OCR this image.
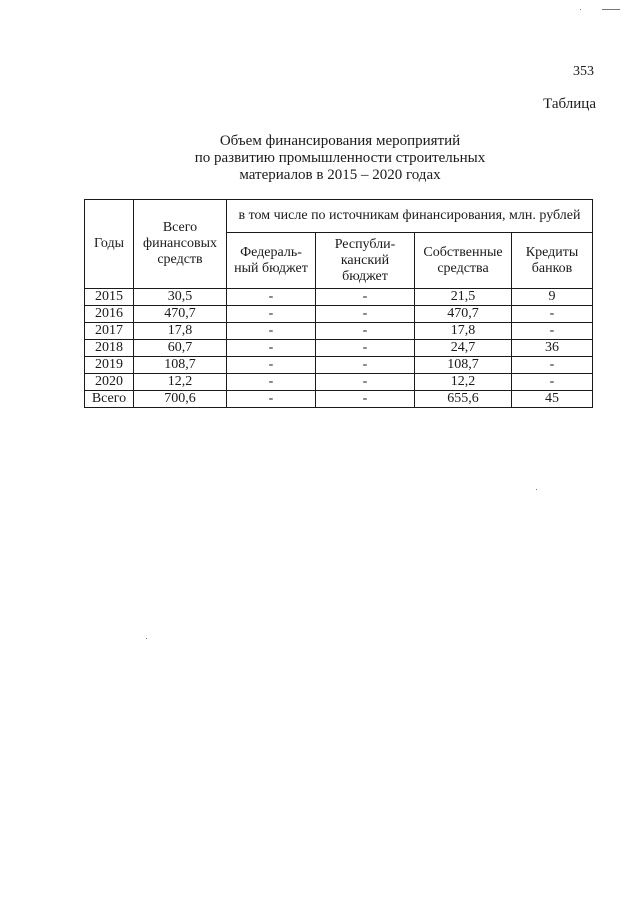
353
Таблица
Объем финансирования мероприятий
по развитию промышленности строительных
материалов в 2015 – 2020 годах
Годы	Всего финансовых средств	в том числе по источникам финансирования, млн. рублей			
		Федераль-ный бюджет	Республи-канский бюджет	Собственные средства	Кредиты банков
2015	30,5	-	-	21,5	9
2016	470,7	-	-	470,7	-
2017	17,8	-	-	17,8	-
2018	60,7	-	-	24,7	36
2019	108,7	-	-	108,7	-
2020	12,2	-	-	12,2	-
Всего	700,6	-	-	655,6	45
